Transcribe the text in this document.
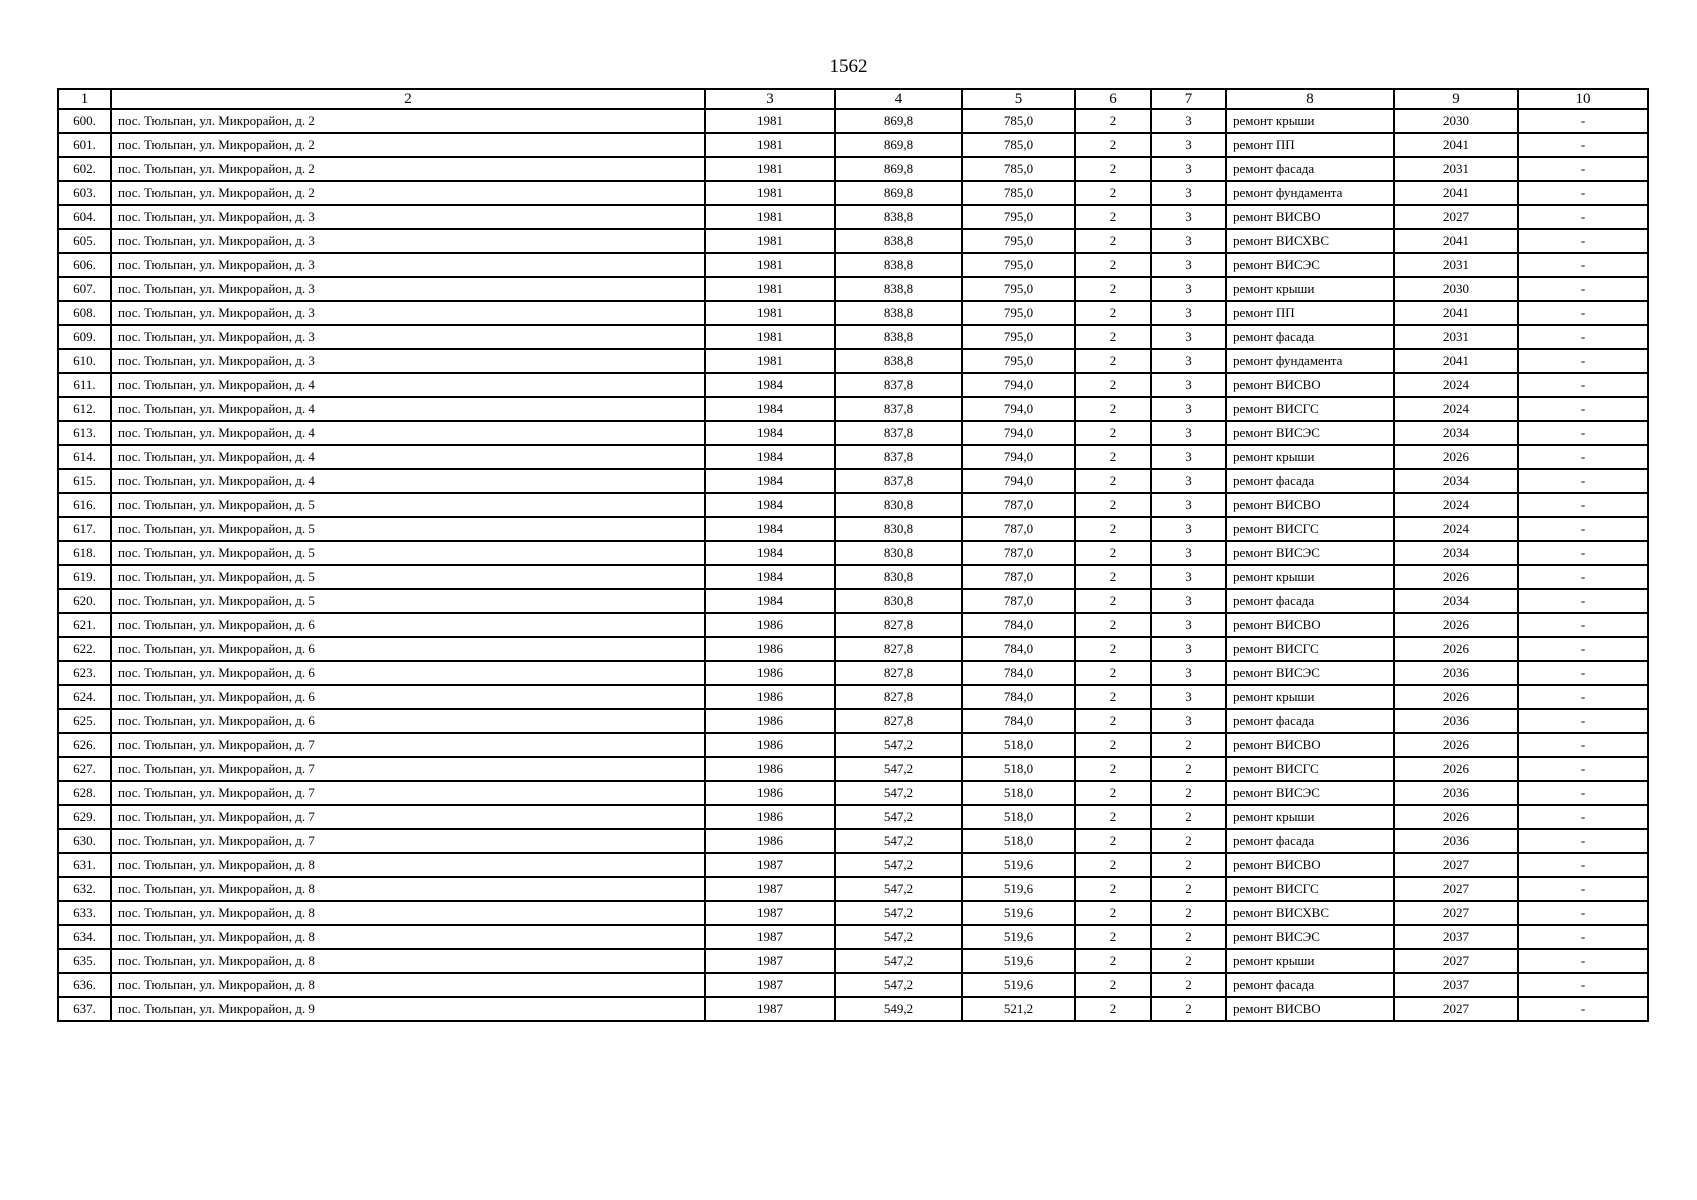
1562
1	2	3	4	5	6	7	8	9	10
600.	пос. Тюльпан, ул. Микрорайон, д. 2	1981	869,8	785,0	2	3	ремонт крыши	2030	-
601.	пос. Тюльпан, ул. Микрорайон, д. 2	1981	869,8	785,0	2	3	ремонт ПП	2041	-
602.	пос. Тюльпан, ул. Микрорайон, д. 2	1981	869,8	785,0	2	3	ремонт фасада	2031	-
603.	пос. Тюльпан, ул. Микрорайон, д. 2	1981	869,8	785,0	2	3	ремонт фундамента	2041	-
604.	пос. Тюльпан, ул. Микрорайон, д. 3	1981	838,8	795,0	2	3	ремонт ВИСВО	2027	-
605.	пос. Тюльпан, ул. Микрорайон, д. 3	1981	838,8	795,0	2	3	ремонт ВИСХВС	2041	-
606.	пос. Тюльпан, ул. Микрорайон, д. 3	1981	838,8	795,0	2	3	ремонт ВИСЭС	2031	-
607.	пос. Тюльпан, ул. Микрорайон, д. 3	1981	838,8	795,0	2	3	ремонт крыши	2030	-
608.	пос. Тюльпан, ул. Микрорайон, д. 3	1981	838,8	795,0	2	3	ремонт ПП	2041	-
609.	пос. Тюльпан, ул. Микрорайон, д. 3	1981	838,8	795,0	2	3	ремонт фасада	2031	-
610.	пос. Тюльпан, ул. Микрорайон, д. 3	1981	838,8	795,0	2	3	ремонт фундамента	2041	-
611.	пос. Тюльпан, ул. Микрорайон, д. 4	1984	837,8	794,0	2	3	ремонт ВИСВО	2024	-
612.	пос. Тюльпан, ул. Микрорайон, д. 4	1984	837,8	794,0	2	3	ремонт ВИСГС	2024	-
613.	пос. Тюльпан, ул. Микрорайон, д. 4	1984	837,8	794,0	2	3	ремонт ВИСЭС	2034	-
614.	пос. Тюльпан, ул. Микрорайон, д. 4	1984	837,8	794,0	2	3	ремонт крыши	2026	-
615.	пос. Тюльпан, ул. Микрорайон, д. 4	1984	837,8	794,0	2	3	ремонт фасада	2034	-
616.	пос. Тюльпан, ул. Микрорайон, д. 5	1984	830,8	787,0	2	3	ремонт ВИСВО	2024	-
617.	пос. Тюльпан, ул. Микрорайон, д. 5	1984	830,8	787,0	2	3	ремонт ВИСГС	2024	-
618.	пос. Тюльпан, ул. Микрорайон, д. 5	1984	830,8	787,0	2	3	ремонт ВИСЭС	2034	-
619.	пос. Тюльпан, ул. Микрорайон, д. 5	1984	830,8	787,0	2	3	ремонт крыши	2026	-
620.	пос. Тюльпан, ул. Микрорайон, д. 5	1984	830,8	787,0	2	3	ремонт фасада	2034	-
621.	пос. Тюльпан, ул. Микрорайон, д. 6	1986	827,8	784,0	2	3	ремонт ВИСВО	2026	-
622.	пос. Тюльпан, ул. Микрорайон, д. 6	1986	827,8	784,0	2	3	ремонт ВИСГС	2026	-
623.	пос. Тюльпан, ул. Микрорайон, д. 6	1986	827,8	784,0	2	3	ремонт ВИСЭС	2036	-
624.	пос. Тюльпан, ул. Микрорайон, д. 6	1986	827,8	784,0	2	3	ремонт крыши	2026	-
625.	пос. Тюльпан, ул. Микрорайон, д. 6	1986	827,8	784,0	2	3	ремонт фасада	2036	-
626.	пос. Тюльпан, ул. Микрорайон, д. 7	1986	547,2	518,0	2	2	ремонт ВИСВО	2026	-
627.	пос. Тюльпан, ул. Микрорайон, д. 7	1986	547,2	518,0	2	2	ремонт ВИСГС	2026	-
628.	пос. Тюльпан, ул. Микрорайон, д. 7	1986	547,2	518,0	2	2	ремонт ВИСЭС	2036	-
629.	пос. Тюльпан, ул. Микрорайон, д. 7	1986	547,2	518,0	2	2	ремонт крыши	2026	-
630.	пос. Тюльпан, ул. Микрорайон, д. 7	1986	547,2	518,0	2	2	ремонт фасада	2036	-
631.	пос. Тюльпан, ул. Микрорайон, д. 8	1987	547,2	519,6	2	2	ремонт ВИСВО	2027	-
632.	пос. Тюльпан, ул. Микрорайон, д. 8	1987	547,2	519,6	2	2	ремонт ВИСГС	2027	-
633.	пос. Тюльпан, ул. Микрорайон, д. 8	1987	547,2	519,6	2	2	ремонт ВИСХВС	2027	-
634.	пос. Тюльпан, ул. Микрорайон, д. 8	1987	547,2	519,6	2	2	ремонт ВИСЭС	2037	-
635.	пос. Тюльпан, ул. Микрорайон, д. 8	1987	547,2	519,6	2	2	ремонт крыши	2027	-
636.	пос. Тюльпан, ул. Микрорайон, д. 8	1987	547,2	519,6	2	2	ремонт фасада	2037	-
637.	пос. Тюльпан, ул. Микрорайон, д. 9	1987	549,2	521,2	2	2	ремонт ВИСВО	2027	-
